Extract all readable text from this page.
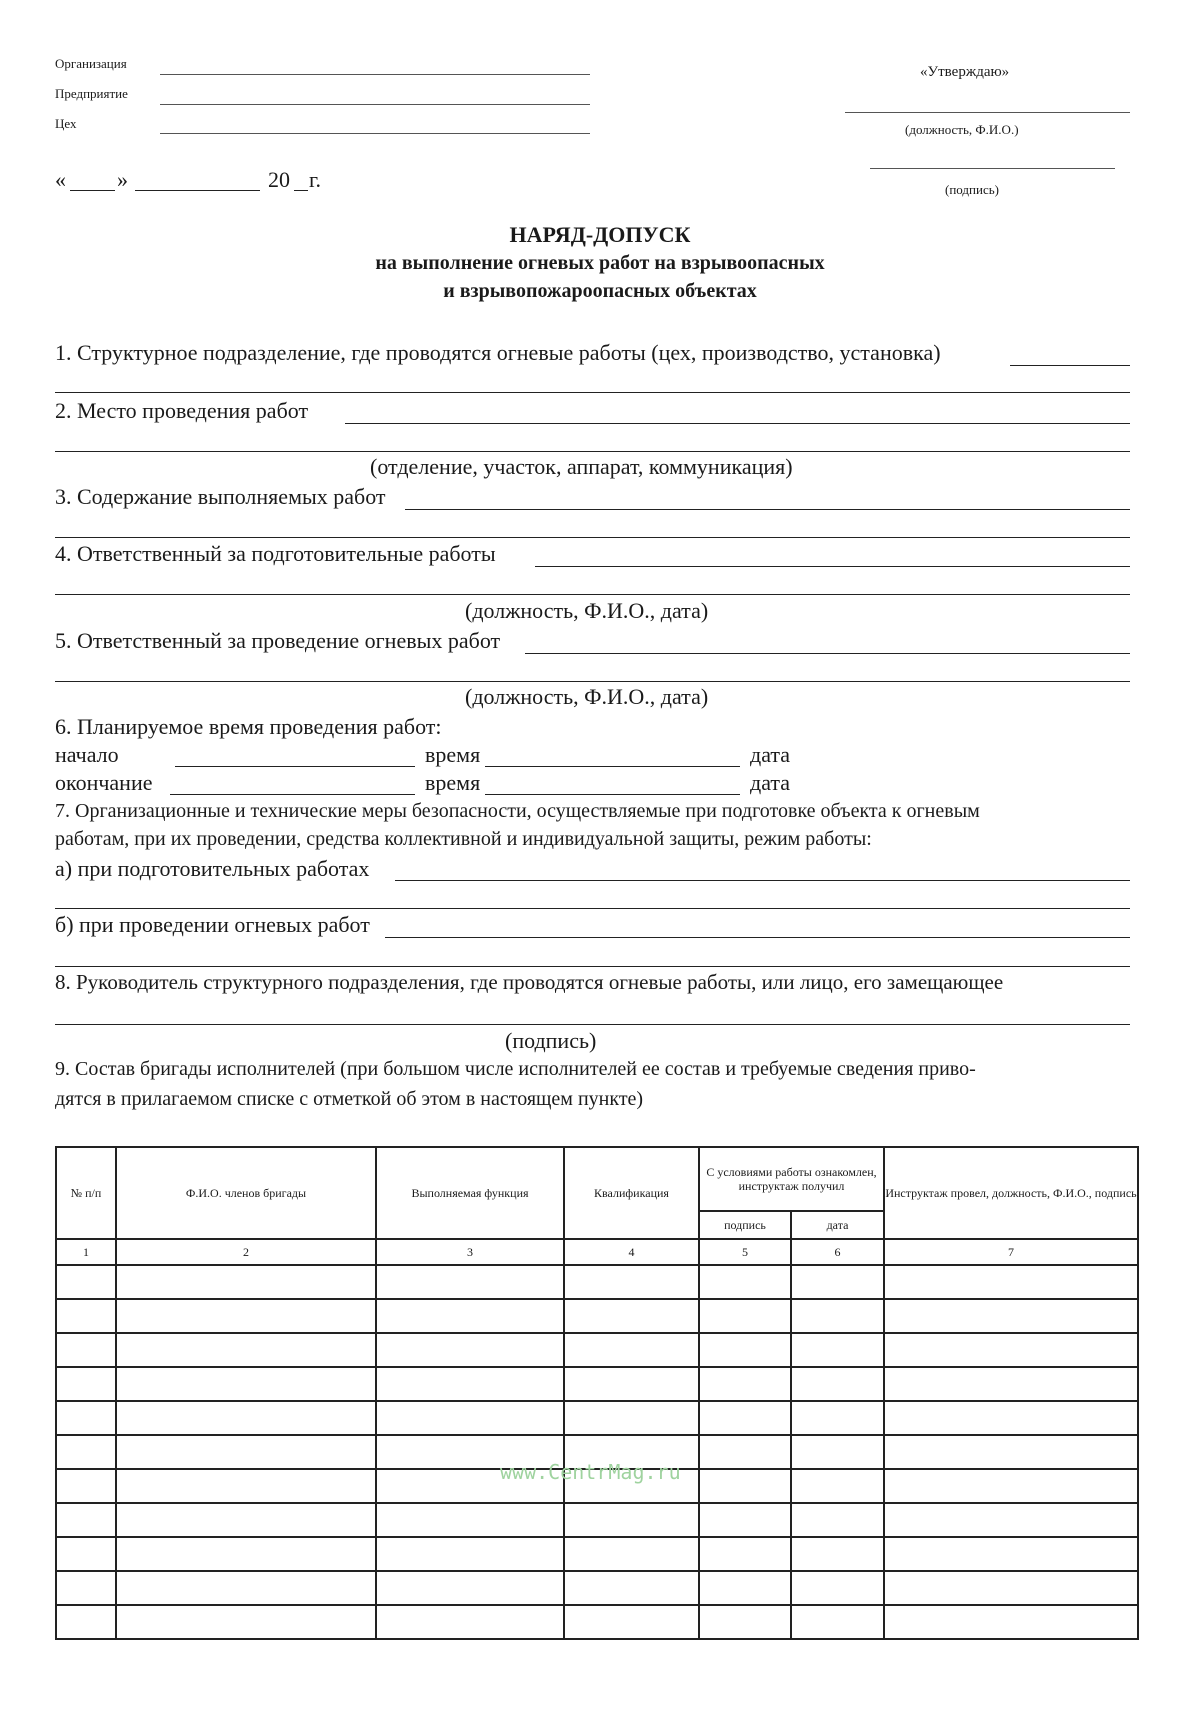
Организация
Предприятие
Цех
« »	20 г.
«Утверждаю»
(должность, Ф.И.О.)
(подпись)
НАРЯД-ДОПУСК
на выполнение огневых работ на взрывоопасных
и взрывопожароопасных объектах
1. Структурное подразделение, где проводятся огневые работы (цех, производство, установка)
2. Место проведения работ
(отделение, участок, аппарат, коммуникация)
3. Содержание выполняемых работ
4. Ответственный за подготовительные работы
(должность, Ф.И.О., дата)
5. Ответственный за проведение огневых работ
(должность, Ф.И.О., дата)
6. Планируемое время проведения работ:
начало	время	дата
окончание	время	дата
7. Организационные и технические меры безопасности, осуществляемые при подготовке объекта к огневым
работам, при их проведении, средства коллективной и индивидуальной защиты, режим работы:
а) при подготовительных работах
б) при проведении огневых работ
8. Руководитель структурного подразделения, где проводятся огневые работы, или лицо, его замещающее
(подпись)
9. Состав бригады исполнителей (при большом числе исполнителей ее состав и требуемые сведения приво-
дятся в прилагаемом списке с отметкой об этом в настоящем пункте)
№ п/п	Ф.И.О. членов бригады	Выполняемая функция	Квалификация	С условиями работы ознакомлен, инструктаж получил		Инструктаж провел, должность, Ф.И.О., подпись
				подпись	дата	
1	2	3	4	5	6	7

www.CentrMag.ru
